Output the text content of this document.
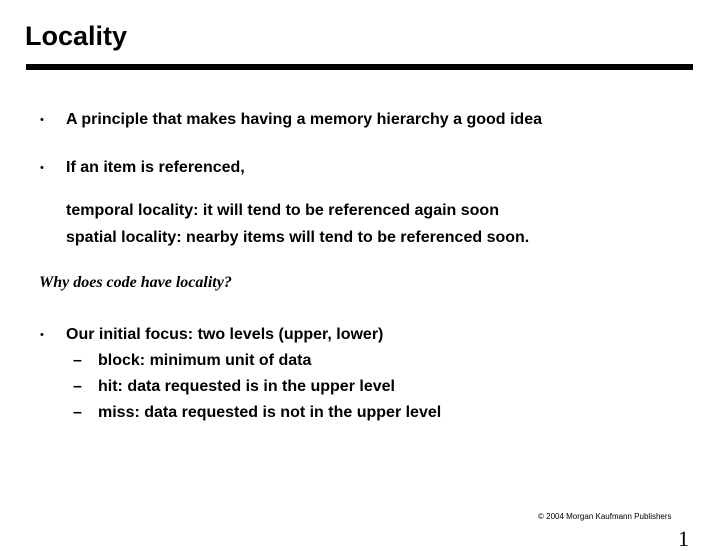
Locality
• A principle that makes having a memory hierarchy a good idea
• If an item is referenced,
temporal locality: it will tend to be referenced again soon
spatial locality: nearby items will tend to be referenced soon.
Why does code have locality?
• Our initial focus: two levels (upper, lower)
– block: minimum unit of data
– hit: data requested is in the upper level
– miss: data requested is not in the upper level
© 2004 Morgan Kaufmann Publishers
1
